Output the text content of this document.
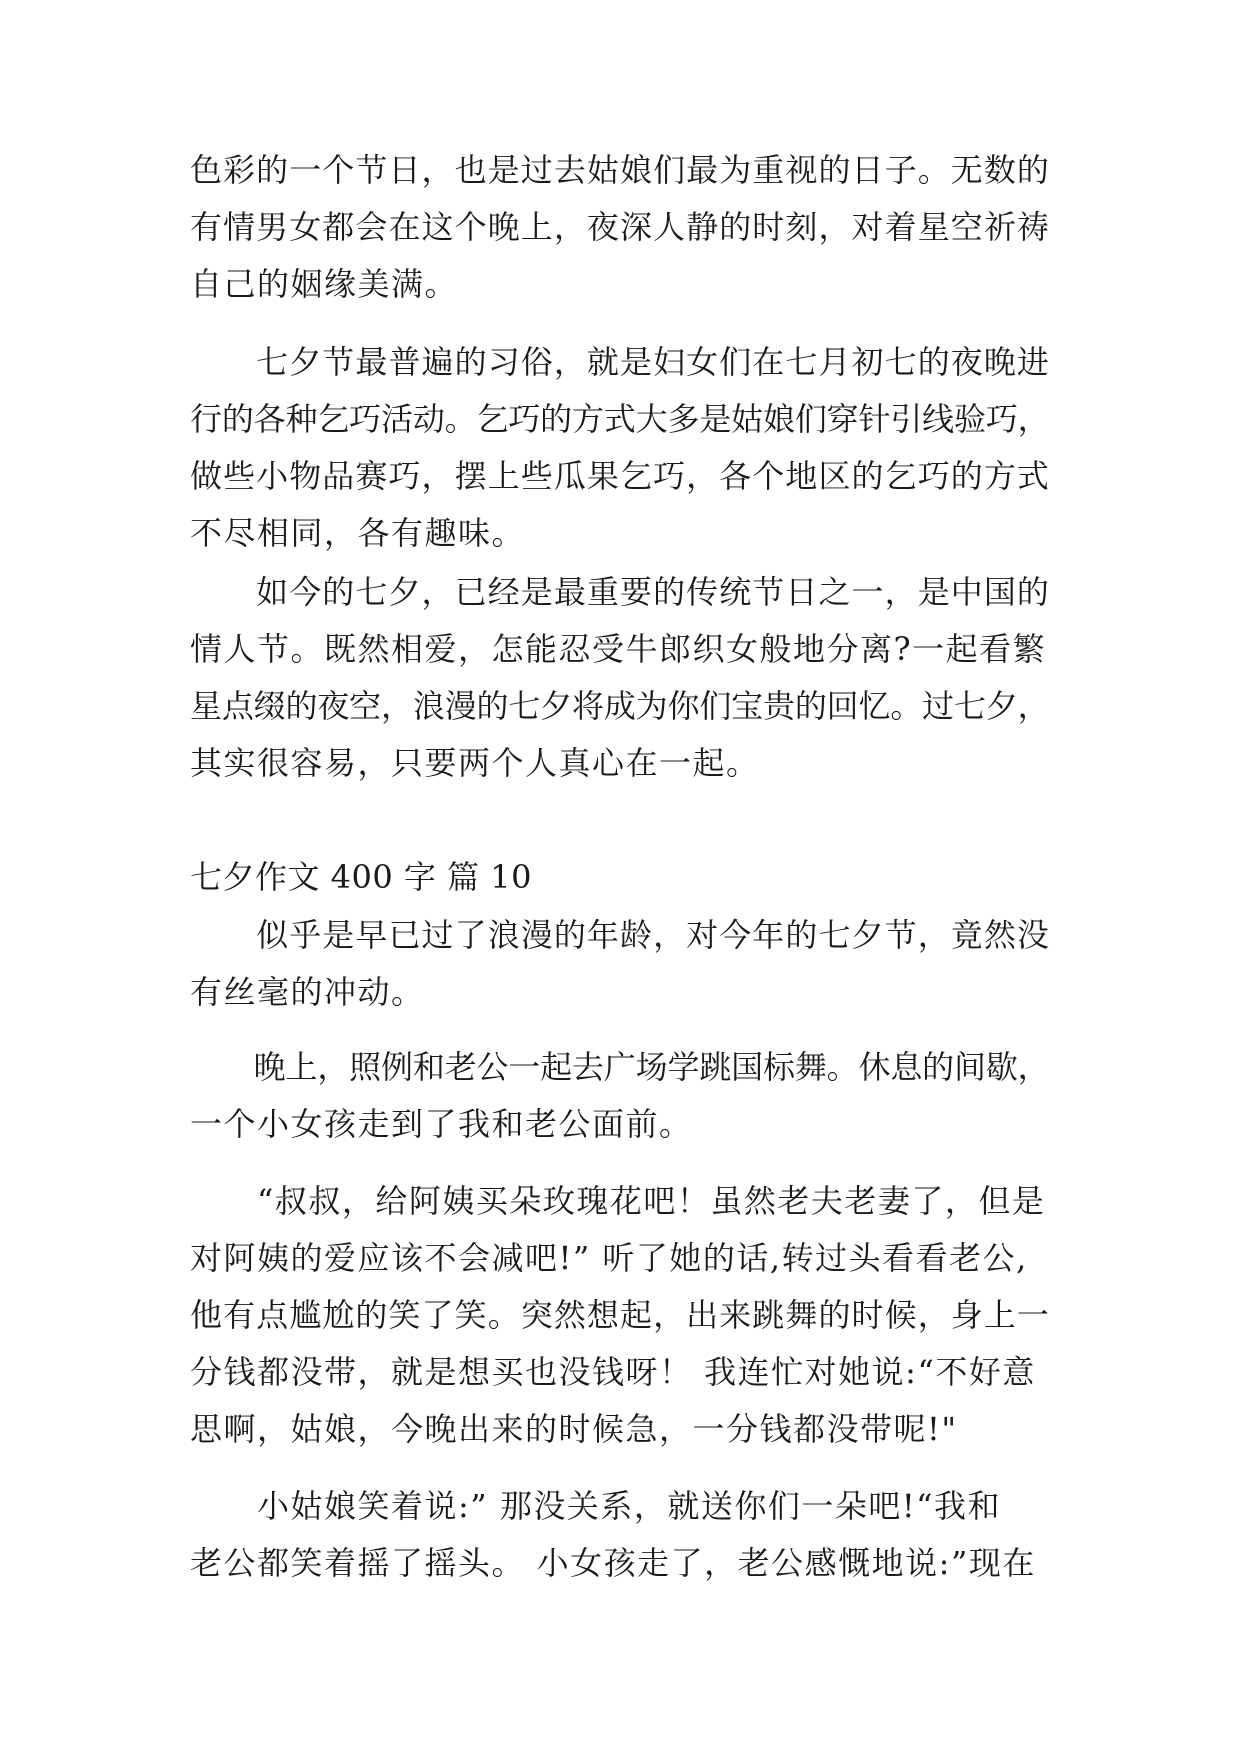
色彩的一个节日，也是过去姑娘们最为重视的日子。无数的
有情男女都会在这个晚上，夜深人静的时刻，对着星空祈祷
自己的姻缘美满。
　　七夕节最普遍的习俗，就是妇女们在七月初七的夜晚进
行的各种乞巧活动。乞巧的方式大多是姑娘们穿针引线验巧，
做些小物品赛巧，摆上些瓜果乞巧，各个地区的乞巧的方式
不尽相同，各有趣味。
　　如今的七夕，已经是最重要的传统节日之一，是中国的
情人节。既然相爱，怎能忍受牛郎织女般地分离?一起看繁
星点缀的夜空，浪漫的七夕将成为你们宝贵的回忆。过七夕，
其实很容易，只要两个人真心在一起。
七夕作文 400 字 篇 10
　　似乎是早已过了浪漫的年龄，对今年的七夕节，竟然没
有丝毫的冲动。
　　晚上，照例和老公一起去广场学跳国标舞。休息的间歇，
一个小女孩走到了我和老公面前。
　　“叔叔，给阿姨买朵玫瑰花吧！虽然老夫老妻了，但是
对阿姨的爱应该不会减吧!” 听了她的话,转过头看看老公,
他有点尴尬的笑了笑。突然想起，出来跳舞的时候，身上一
分钱都没带，就是想买也没钱呀！ 我连忙对她说:“不好意
思啊，姑娘，今晚出来的时候急，一分钱都没带呢!"
　　小姑娘笑着说:” 那没关系，就送你们一朵吧!“我和
老公都笑着摇了摇头。 小女孩走了，老公感慨地说:”现在
